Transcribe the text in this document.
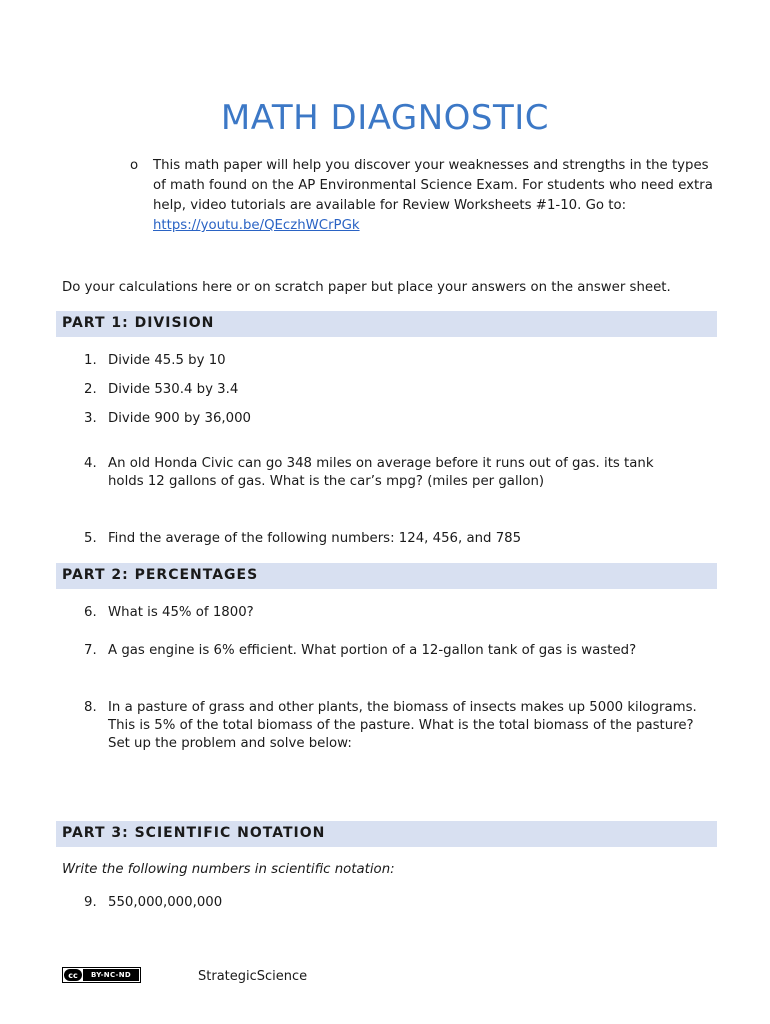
MATH DIAGNOSTIC
o This math paper will help you discover your weaknesses and strengths in the types of math found on the AP Environmental Science Exam. For students who need extra help, video tutorials are available for Review Worksheets #1-10. Go to: https://youtu.be/QEczhWCrPGk
Do your calculations here or on scratch paper but place your answers on the answer sheet.
PART 1: DIVISION
1. Divide 45.5 by 10
2. Divide 530.4 by 3.4
3. Divide 900 by 36,000
4. An old Honda Civic can go 348 miles on average before it runs out of gas. its tank holds 12 gallons of gas. What is the car’s mpg? (miles per gallon)
5. Find the average of the following numbers: 124, 456, and 785
PART 2: PERCENTAGES
6. What is 45% of 1800?
7. A gas engine is 6% efficient. What portion of a 12-gallon tank of gas is wasted?
8. In a pasture of grass and other plants, the biomass of insects makes up 5000 kilograms. This is 5% of the total biomass of the pasture. What is the total biomass of the pasture? Set up the problem and solve below:
PART 3: SCIENTIFIC NOTATION
Write the following numbers in scientific notation:
9. 550,000,000,000
cc	BY-NC-ND	StrategicScience
